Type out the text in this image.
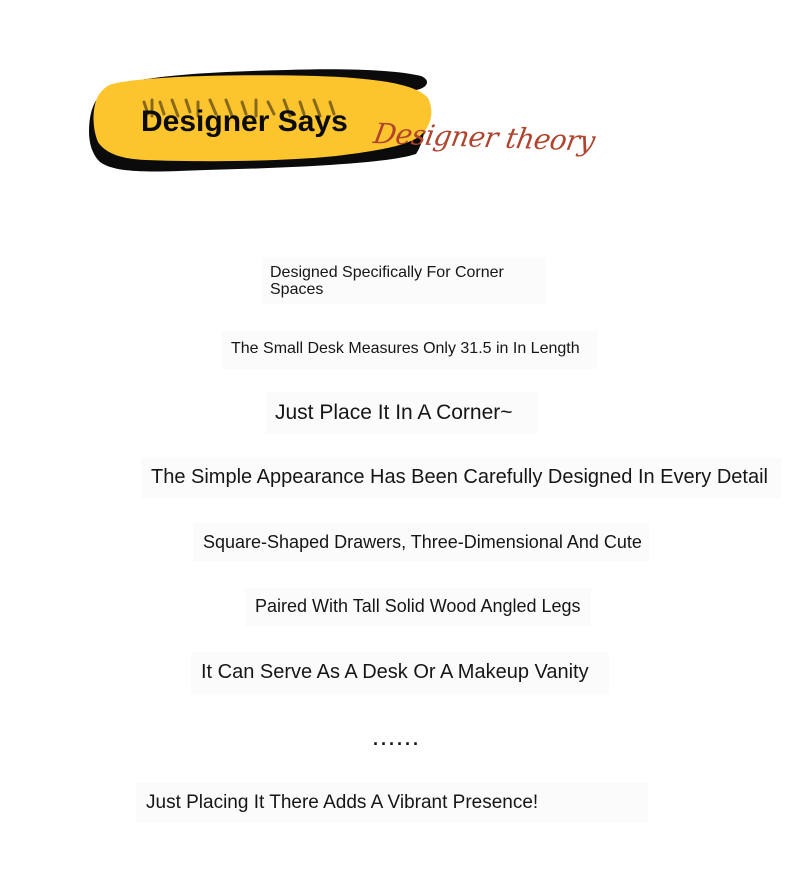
Designer Says Designer theory
Designed Specifically For Corner Spaces
The Small Desk Measures Only 31.5 in In Length
Just Place It In A Corner~
The Simple Appearance Has Been Carefully Designed In Every Detail
Square-Shaped Drawers, Three-Dimensional And Cute
Paired With Tall Solid Wood Angled Legs
It Can Serve As A Desk Or A Makeup Vanity
······
Just Placing It There Adds A Vibrant Presence!
